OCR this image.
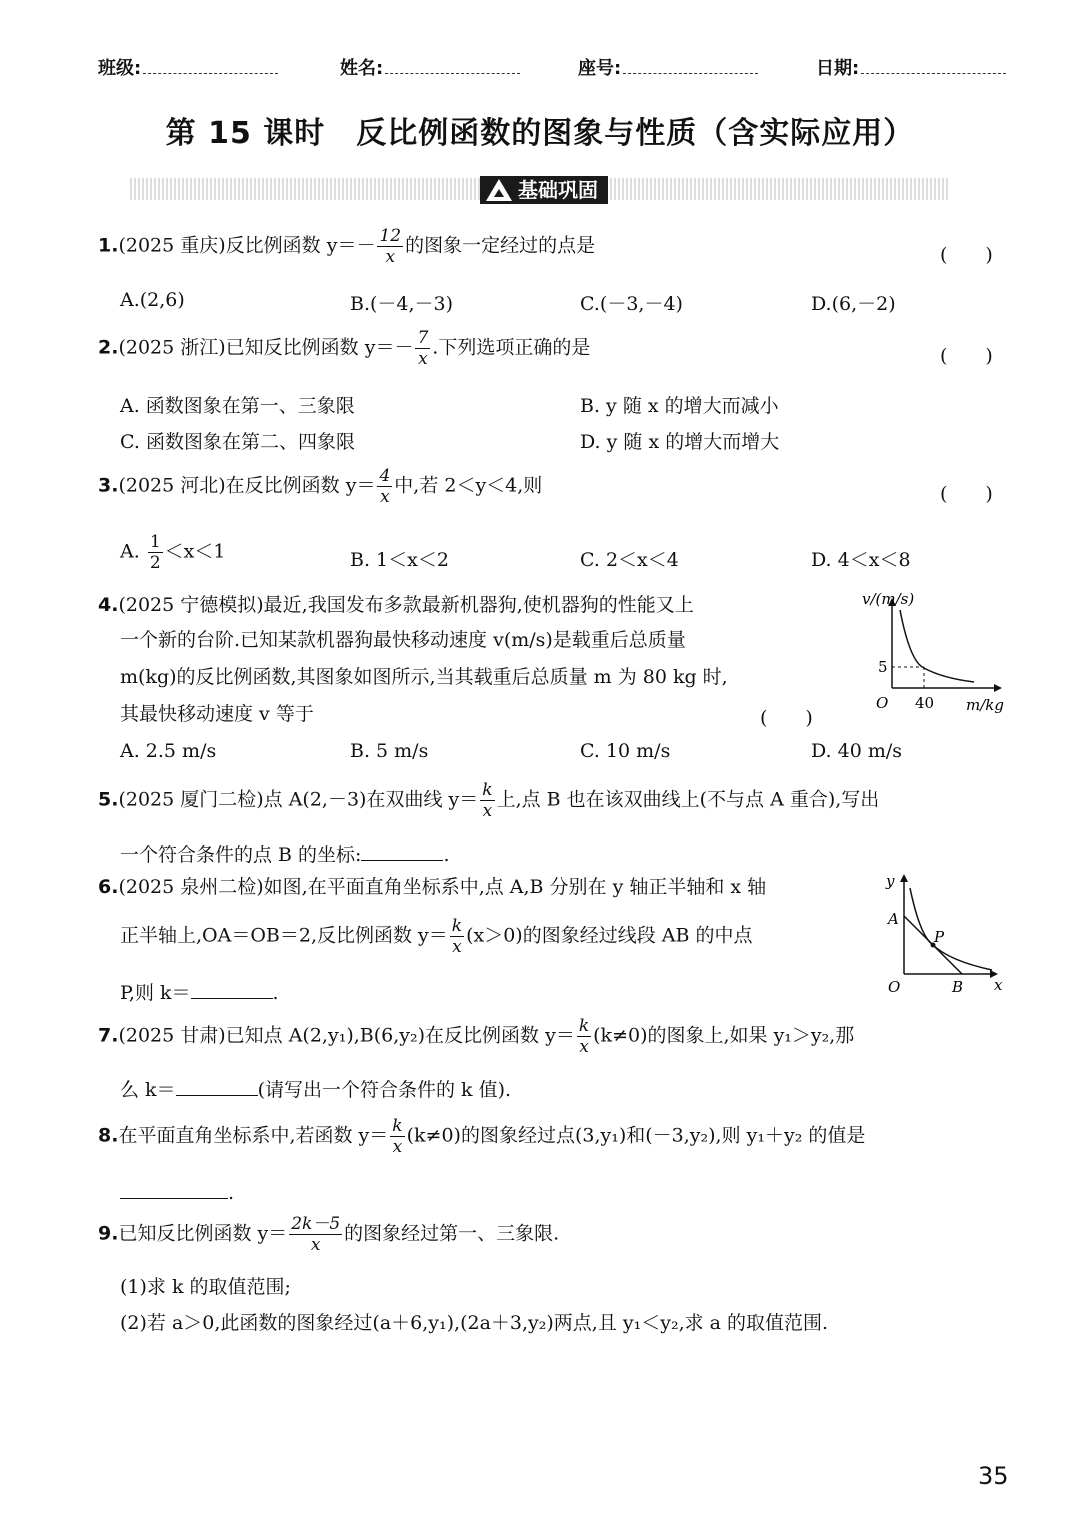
班级:	姓名:	座号:	日期:
第 15 课时　反比例函数的图象与性质（含实际应用）
基础巩固
1.(2025 重庆)反比例函数 $y=- \frac{12}{x}$ 的图象一定经过的点是	(　　)
A.(2,6)	B.(－4,－3)	C.(－3,－4)	D.(6,－2)
2.(2025 浙江)已知反比例函数 $y=- \frac{7}{x}$ .下列选项正确的是	(　　)
A. 函数图象在第一、三象限	B. y 随 x 的增大而减小
C. 函数图象在第二、四象限	D. y 随 x 的增大而增大
3.(2025 河北)在反比例函数 $y= \frac{4}{x}$ 中,若 2＜y＜4,则	(　　)
A. $\frac{1}{2} <x<1$	B. 1＜x＜2	C. 2＜x＜4	D. 4＜x＜8
4.(2025 宁德模拟)最近,我国发布多款最新机器狗,使机器狗的性能又上
一个新的台阶.已知某款机器狗最快移动速度 v(m/s)是载重后总质量
m(kg)的反比例函数,其图象如图所示,当其载重后总质量 m 为 80 kg 时,
其最快移动速度 v 等于	(　　)
A. 2.5 m/s	B. 5 m/s	C. 10 m/s	D. 40 m/s
v/(m/s)
m/kg
O
5
40
5.(2025 厦门二检)点 A(2,－3)在双曲线 $y= \frac{k}{x}$ 上,点 B 也在该双曲线上(不与点 A 重合),写出
一个符合条件的点 B 的坐标:	.
6.(2025 泉州二检)如图,在平面直角坐标系中,点 A,B 分别在 y 轴正半轴和 x 轴
正半轴上,OA＝OB＝2,反比例函数 $y= \frac{k}{x} (x>0)$的图象经过线段 AB 的中点
P,则 k＝	.
y
x
O
A
B
P
7.(2025 甘肃)已知点 A(2,y₁),B(6,y₂)在反比例函数 $y= \frac{k}{x} (k\ne 0)$的图象上,如果 y₁＞y₂,那
么 k＝	(请写出一个符合条件的 k 值).
8.在平面直角坐标系中,若函数 $y= \frac{k}{x} (k\ne 0)$的图象经过点(3,y₁)和(－3,y₂),则 y₁＋y₂ 的值是
.
9.已知反比例函数 $y= \frac{2k-5}{x}$ 的图象经过第一、三象限.
(1)求 k 的取值范围;
(2)若 a＞0,此函数的图象经过(a＋6,y₁),(2a＋3,y₂)两点,且 y₁＜y₂,求 a 的取值范围.
35
